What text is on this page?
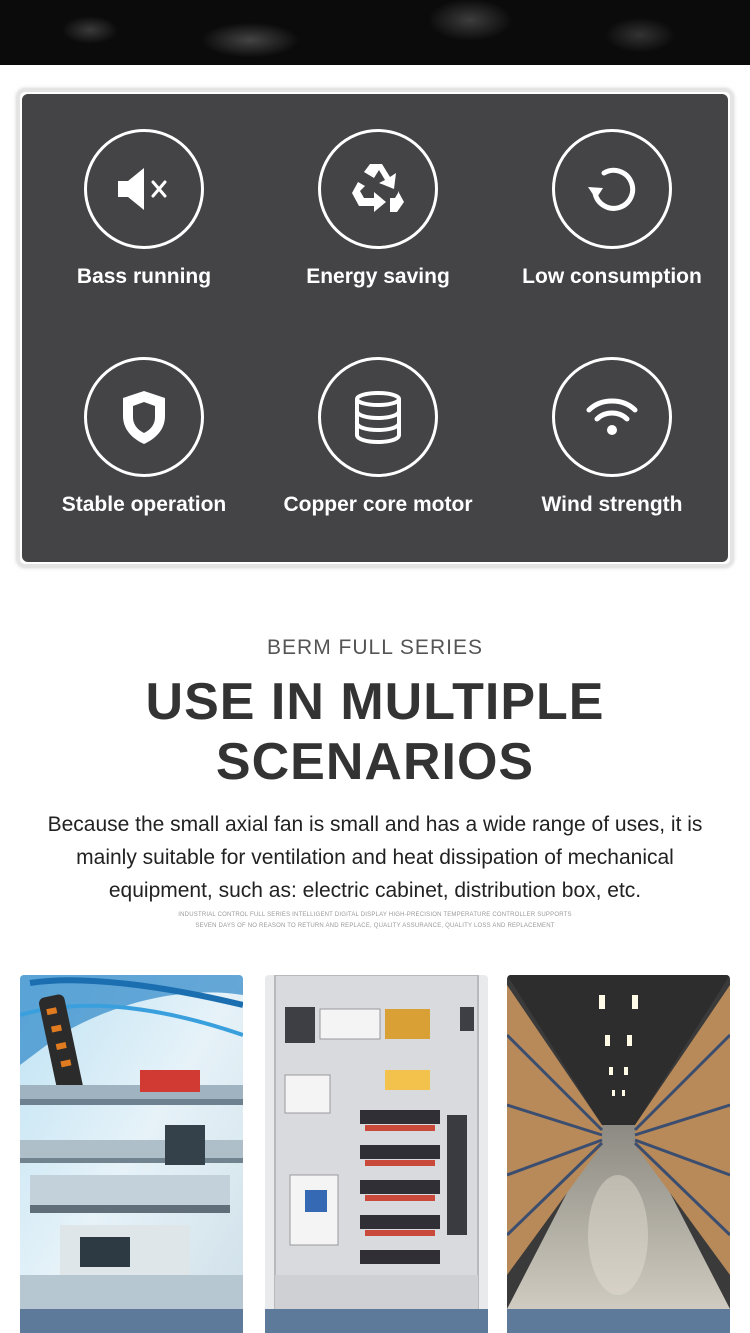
Bass running	Energy saving	Low consumption
Stable operation	Copper core motor	Wind strength
BERM FULL SERIES
USE IN MULTIPLE
SCENARIOS
Because the small axial fan is small and has a wide range of uses, it is mainly suitable for ventilation and heat dissipation of mechanical equipment, such as: electric cabinet, distribution box, etc.
INDUSTRIAL CONTROL FULL SERIES INTELLIGENT DIGITAL DISPLAY HIGH-PRECISION TEMPERATURE CONTROLLER SUPPORTS
SEVEN DAYS OF NO REASON TO RETURN AND REPLACE, QUALITY ASSURANCE, QUALITY LOSS AND REPLACEMENT
